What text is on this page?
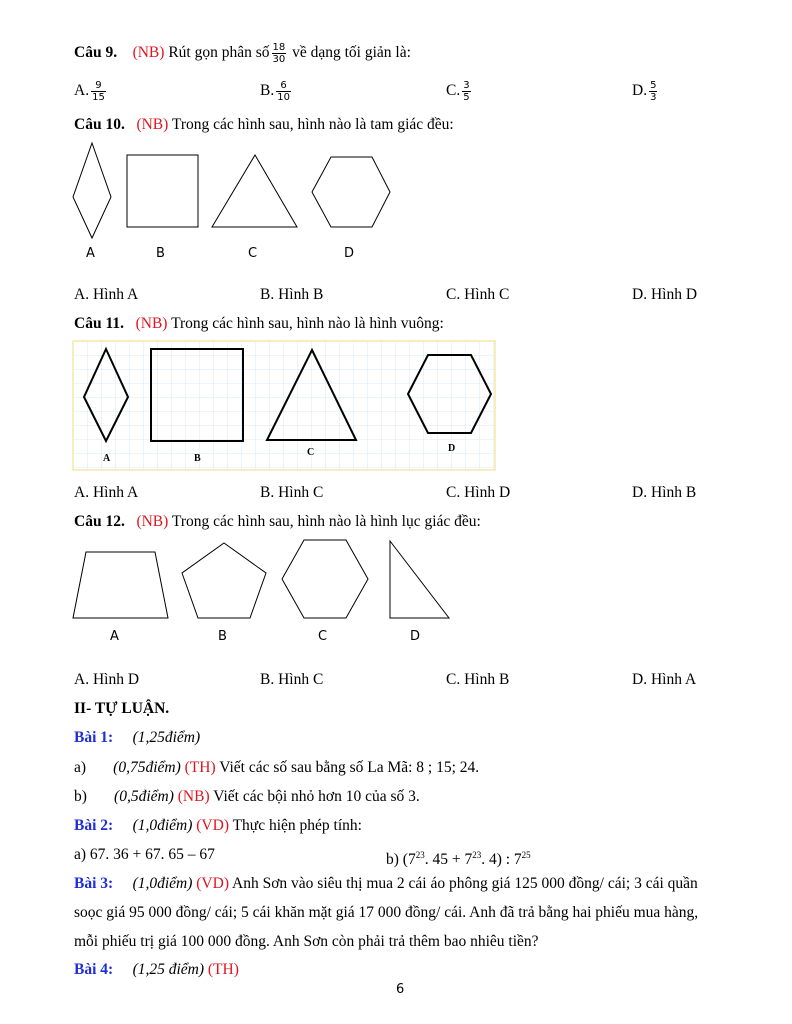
Câu 9. (NB) Rút gọn phân số $\frac{18}{30}$ về dạng tối giản là:
A. $\frac{9}{15}$	B. $\frac{6}{10}$	C. $\frac{3}{5}$	D. $\frac{5}{3}$
Câu 10. (NB) Trong các hình sau, hình nào là tam giác đều:
A	B	C	D
A. Hình A	B. Hình B	C. Hình C	D. Hình D
Câu 11. (NB) Trong các hình sau, hình nào là hình vuông:
A	B
C	D
A. Hình A	B. Hình C	C. Hình D	D. Hình B
Câu 12. (NB) Trong các hình sau, hình nào là hình lục giác đều:
A	B	C	D
A. Hình D	B. Hình C	C. Hình B	D. Hình A
II- TỰ LUẬN.
Bài 1: (1,25điểm)
a) (0,75điểm) (TH) Viết các số sau bằng số La Mã: 8 ; 15; 24.
b) (0,5điểm) (NB) Viết các bội nhỏ hơn 10 của số 3.
Bài 2: (1,0điểm) (VD) Thực hiện phép tính:
a) 67. 36 + 67. 65 – 67	b) ($7^{23}$. $45 + 7^{23}$. 4) : $7^{25}$
Bài 3: (1,0điểm) (VD) Anh Sơn vào siêu thị mua 2 cái áo phông giá 125 000 đồng/ cái; 3 cái quần
soọc giá 95 000 đồng/ cái; 5 cái khăn mặt giá 17 000 đồng/ cái. Anh đã trả bằng hai phiếu mua hàng,
mỗi phiếu trị giá 100 000 đồng. Anh Sơn còn phải trả thêm bao nhiêu tiền?
Bài 4: (1,25 điểm) (TH)
6
